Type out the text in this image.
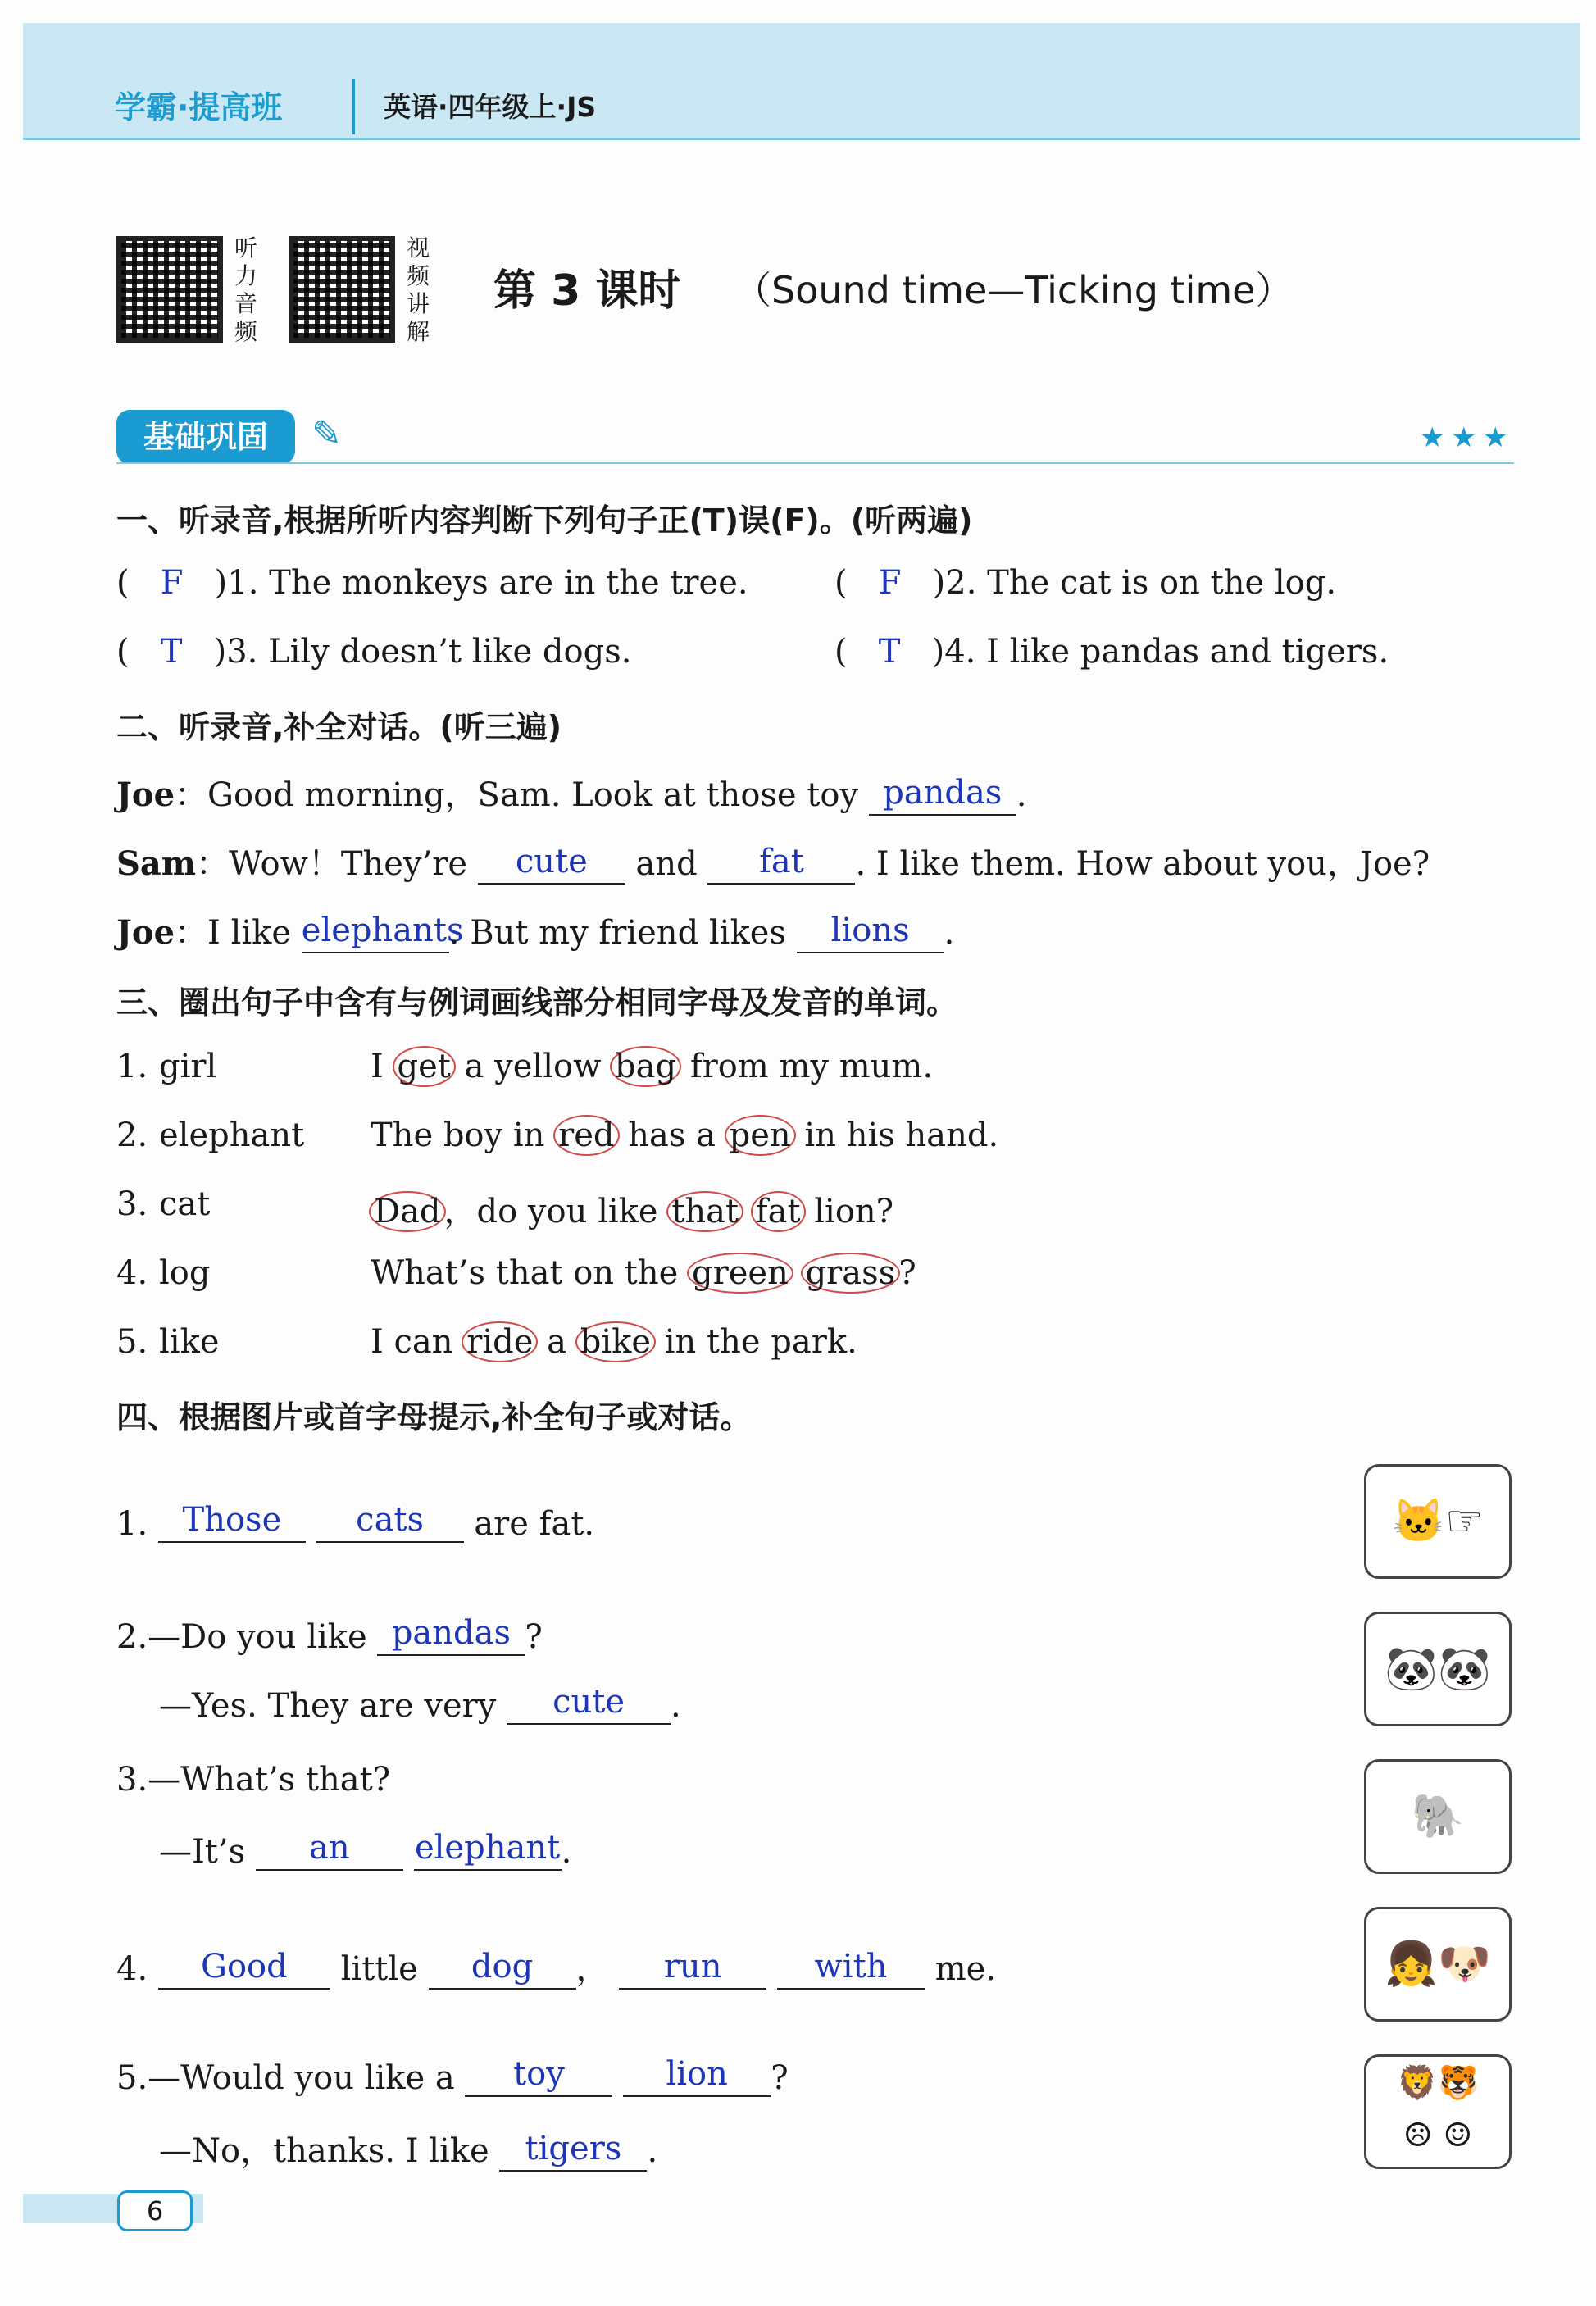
学霸·提高班	英语·四年级上·JS
听力音频
视频讲解
第 3 课时 （Sound time—Ticking time）
基础巩固	✎	★★★
一、听录音,根据所听内容判断下列句子正(T)误(F)。(听两遍)
(   F )1. The monkeys are in the tree.	(   F )2. The cat is on the log.
(   T )3. Lily doesn’t like dogs.	(   T )4. I like pandas and tigers.
二、听录音,补全对话。(听三遍)
Joe：Good morning，Sam. Look at those toy pandas .
Sam：Wow！They’re cute and fat . I like them. How about you，Joe?
Joe：I like elephants. But my friend likes lions .
三、圈出句子中含有与例词画线部分相同字母及发音的单词。
1. girl	I get a yellow bag from my mum.
2. elephant The boy in red has a pen in his hand.
3. cat	Dad ，do you like that fat lion?
4. log	What’s that on the green grass ?
5. like	I can ride a bike in the park.
四、根据图片或首字母提示,补全句子或对话。
1. Those cats are fat.
2.—Do you like pandas ?
—Yes. They are very cute .
3.—What’s that?
—It’s an elephant.
4. Good little dog ， run	with me.
5.—Would you like a toy	lion ?
—No，thanks. I like tigers .
🐱☞
🐼🐼
🐘
👧🐶
🦁🐯
☹ ☺
6
